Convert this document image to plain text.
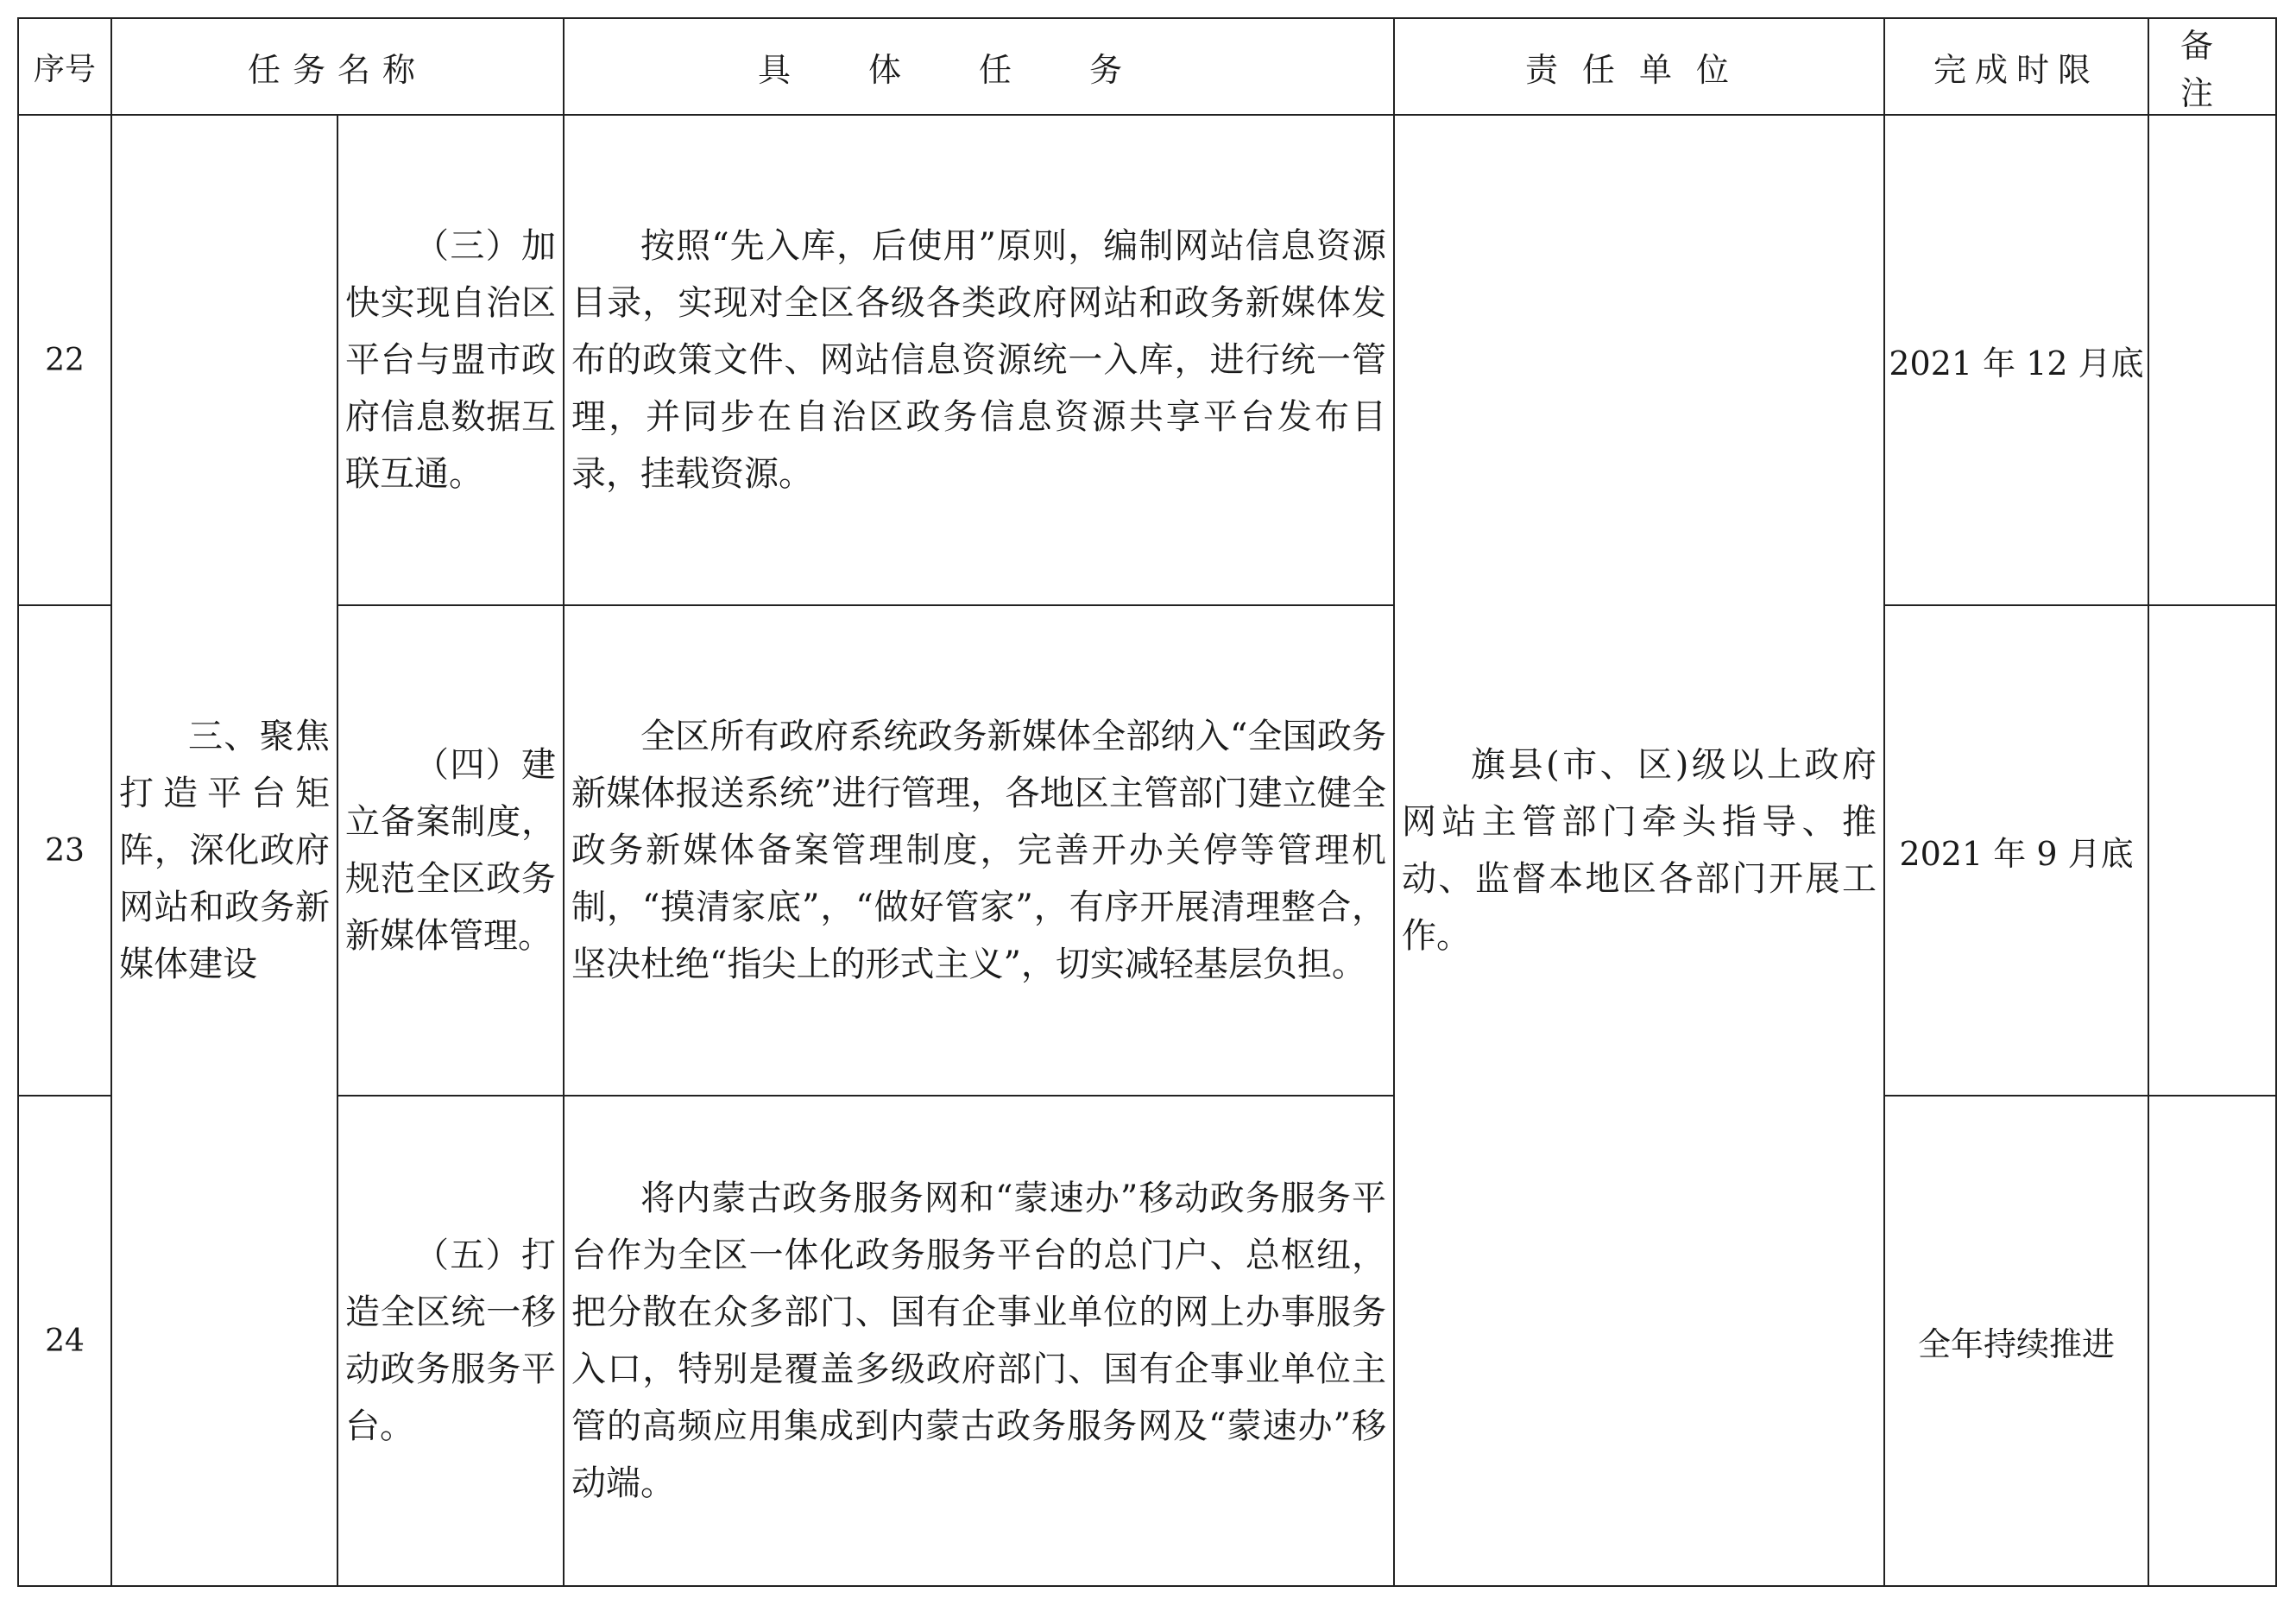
序号	任务名称		具体任务	责任单位	完成时限	备注
22	三、聚焦打造平台矩阵，深化政府网站和政务新媒体建设	（三）加快实现自治区平台与盟市政府信息数据互联互通。	按照“先入库，后使用”原则，编制网站信息资源目录，实现对全区各级各类政府网站和政务新媒体发布的政策文件、网站信息资源统一入库，进行统一管理，并同步在自治区政务信息资源共享平台发布目录，挂载资源。	旗县(市、区)级以上政府网站主管部门牵头指导、推动、监督本地区各部门开展工作。	2021 年 12 月底	
23		（四）建立备案制度，规范全区政务新媒体管理。	全区所有政府系统政务新媒体全部纳入“全国政务新媒体报送系统”进行管理，各地区主管部门建立健全政务新媒体备案管理制度，完善开办关停等管理机制，“摸清家底”，“做好管家”，有序开展清理整合，坚决杜绝“指尖上的形式主义”，切实减轻基层负担。		2021 年 9 月底	
24		（五）打造全区统一移动政务服务平台。	将内蒙古政务服务网和“蒙速办”移动政务服务平台作为全区一体化政务服务平台的总门户、总枢纽，把分散在众多部门、国有企事业单位的网上办事服务入口，特别是覆盖多级政府部门、国有企事业单位主管的高频应用集成到内蒙古政务服务网及“蒙速办”移动端。		全年持续推进	
